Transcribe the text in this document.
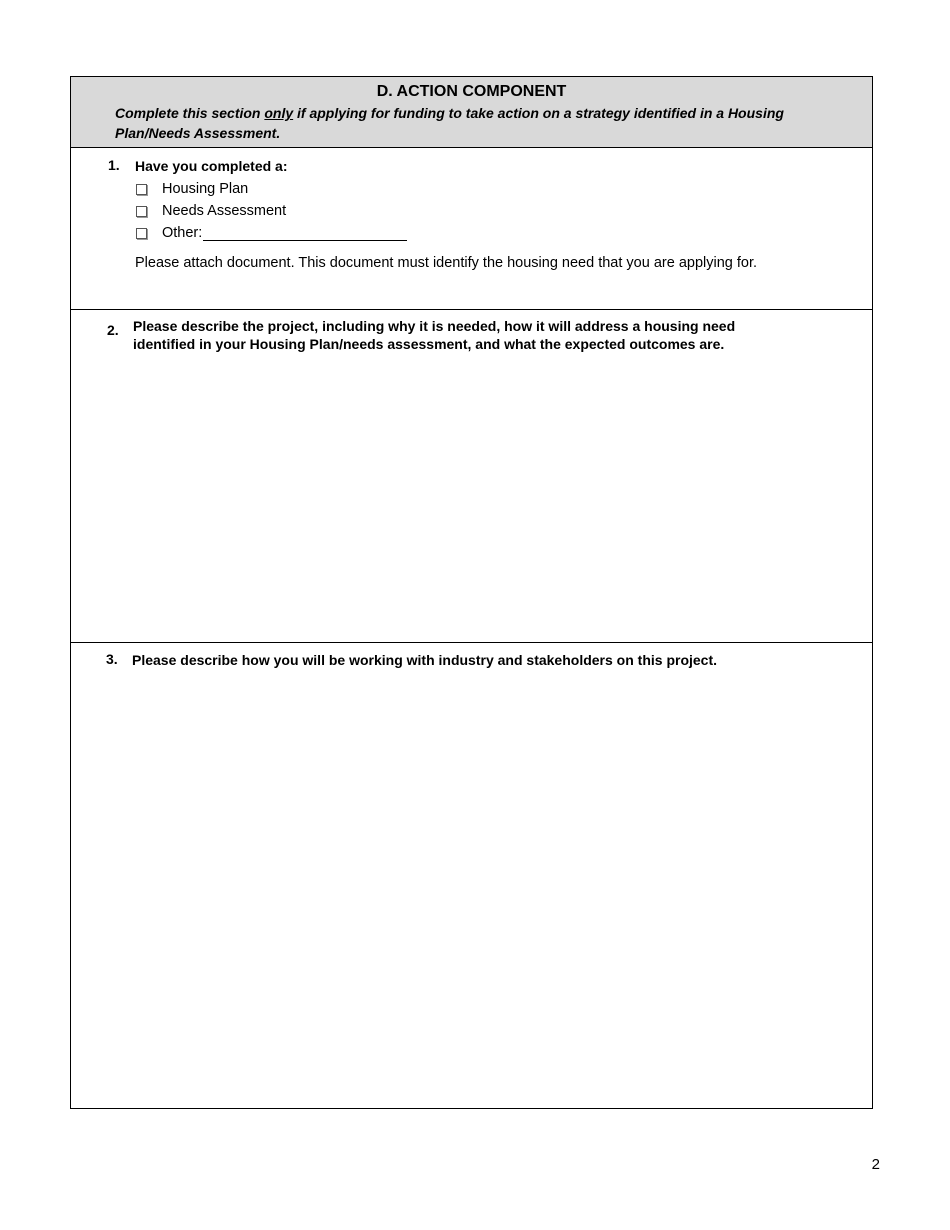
D. ACTION COMPONENT
Complete this section only if applying for funding to take action on a strategy identified in a Housing Plan/Needs Assessment.
1. Have you completed a:
Housing Plan
Needs Assessment
Other:
Please attach document. This document must identify the housing need that you are applying for.
2. Please describe the project, including why it is needed, how it will address a housing need
identified in your Housing Plan/needs assessment, and what the expected outcomes are.
3. Please describe how you will be working with industry and stakeholders on this project.
2
